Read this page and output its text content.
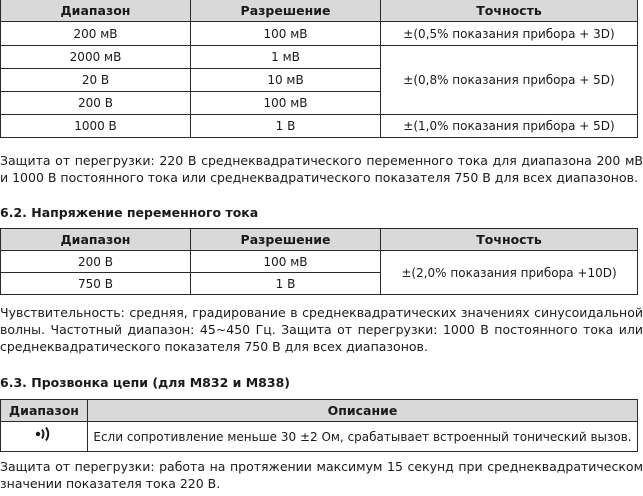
Диапазон	Разрешение	Точность
200 мВ	100 мВ	±(0,5% показания прибора + 3D)
2000 мВ	1 мВ	±(0,8% показания прибора + 5D)
20 В	10 мВ	
200 В	100 мВ	
1000 В	1 В	±(1,0% показания прибора + 5D)
Защита от перегрузки: 220 В среднеквадратического переменного тока для диапазона 200 мВ и 1000 В постоянного тока или среднеквадратического показателя 750 В для всех диапазонов.
6.2. Напряжение переменного тока
Диапазон	Разрешение	Точность
200 В	100 мВ	±(2,0% показания прибора +10D)
750 В	1 В	
Чувствительность: средняя, градирование в среднеквадратических значениях синусоидальной волны. Частотный диапазон: 45~450 Гц. Защита от перегрузки: 1000 В постоянного тока или среднеквадратического показателя 750 В для всех диапазонов.
6.3. Прозвонка цепи (для M832 и M838)
Диапазон	Описание
	Если сопротивление меньше 30 ±2 Ом, срабатывает встроенный тонический вызов.
Защита от перегрузки: работа на протяжении максимум 15 секунд при среднеквадратическом значении показателя тока 220 В.
